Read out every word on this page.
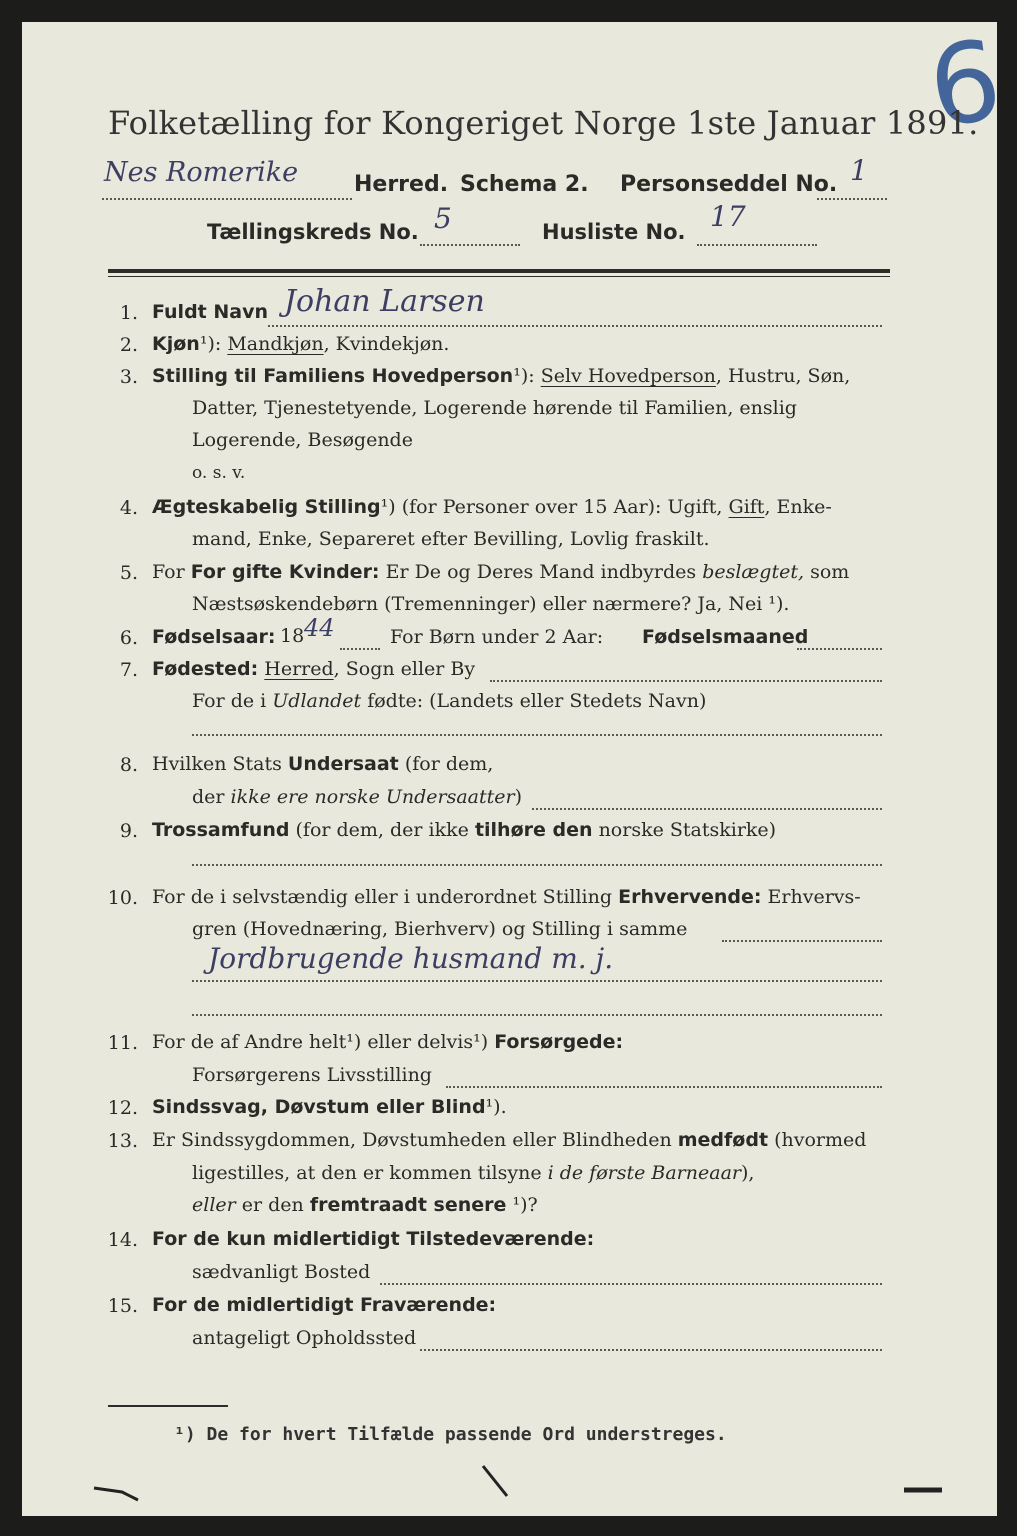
6
Folketælling for Kongeriget Norge 1ste Januar 1891.
Nes Romerike	Herred. Schema 2. Personseddel No. 1
Tællingskreds No. 5	Husliste No. 17
1. Fuldt Navn Johan Larsen
2. Kjøn¹): Mandkjøn, Kvindekjøn.
3. Stilling til Familiens Hovedperson¹): Selv Hovedperson, Hustru, Søn,
Datter, Tjenestetyende, Logerende hørende til Familien, enslig
Logerende, Besøgende
o. s. v.
4. Ægteskabelig Stilling¹) (for Personer over 15 Aar): Ugift, Gift, Enke-
mand, Enke, Separeret efter Bevilling, Lovlig fraskilt.
5. For For gifte Kvinder: Er De og Deres Mand indbyrdes beslægtet, som
Næstsøskendebørn (Tremenninger) eller nærmere? Ja, Nei ¹).
6. Fødselsaar: 18 44	For Børn under 2 Aar: Fødselsmaaned
7. Fødested: Herred, Sogn eller By
For de i Udlandet fødte: (Landets eller Stedets Navn)
8. Hvilken Stats Undersaat (for dem,
der ikke ere norske Undersaatter)
9. Trossamfund (for dem, der ikke tilhøre den norske Statskirke)
10. For de i selvstændig eller i underordnet Stilling Erhvervende: Erhvervs-
gren (Hovednæring, Bierhverv) og Stilling i samme
Jordbrugende husmand m. j.
11. For de af Andre helt¹) eller delvis¹) Forsørgede:
Forsørgerens Livsstilling
12. Sindssvag, Døvstum eller Blind¹).
13. Er Sindssygdommen, Døvstumheden eller Blindheden medfødt (hvormed
ligestilles, at den er kommen tilsyne i de første Barneaar),
eller er den fremtraadt senere ¹)?
14. For de kun midlertidigt Tilstedeværende:
sædvanligt Bosted
15. For de midlertidigt Fraværende:
antageligt Opholdssted
¹) De for hvert Tilfælde passende Ord understreges.
